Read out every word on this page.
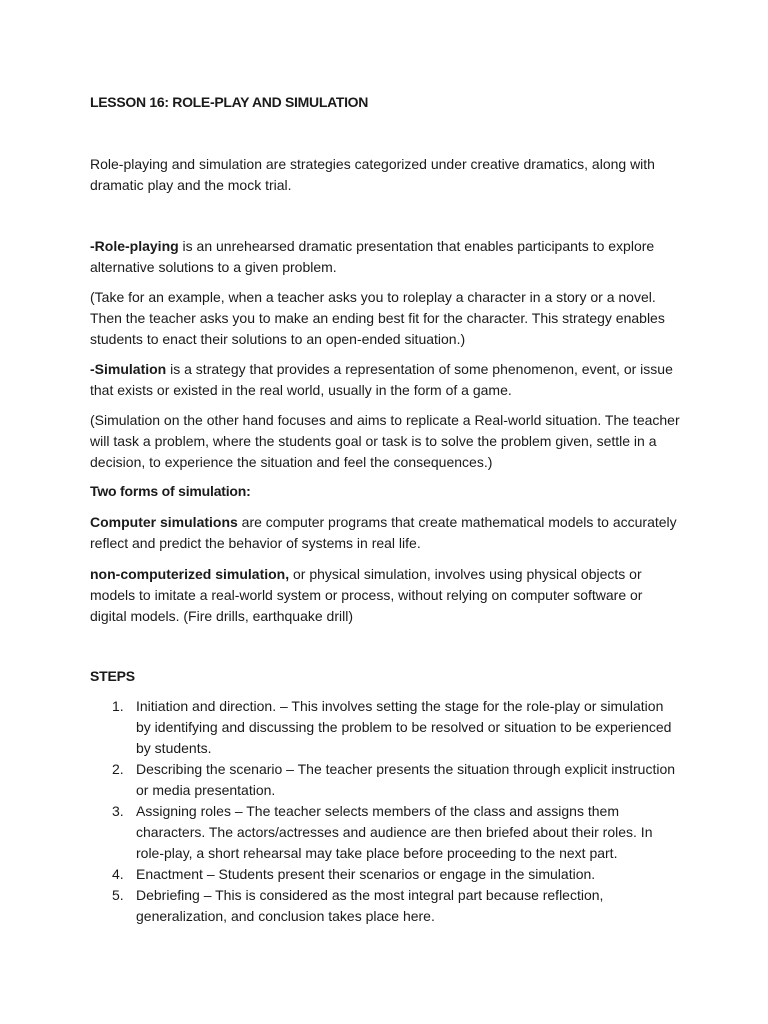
LESSON 16: ROLE-PLAY AND SIMULATION

Role-playing and simulation are strategies categorized under creative dramatics, along with dramatic play and the mock trial.

-Role-playing is an unrehearsed dramatic presentation that enables participants to explore alternative solutions to a given problem.

(Take for an example, when a teacher asks you to roleplay a character in a story or a novel. Then the teacher asks you to make an ending best fit for the character. This strategy enables students to enact their solutions to an open-ended situation.)

-Simulation is a strategy that provides a representation of some phenomenon, event, or issue that exists or existed in the real world, usually in the form of a game.

(Simulation on the other hand focuses and aims to replicate a Real-world situation. The teacher will task a problem, where the students goal or task is to solve the problem given, settle in a decision, to experience the situation and feel the consequences.)

Two forms of simulation:

Computer simulations are computer programs that create mathematical models to accurately reflect and predict the behavior of systems in real life.

non-computerized simulation, or physical simulation, involves using physical objects or models to imitate a real-world system or process, without relying on computer software or digital models. (Fire drills, earthquake drill)

STEPS

1. Initiation and direction. – This involves setting the stage for the role-play or simulation by identifying and discussing the problem to be resolved or situation to be experienced by students.
2. Describing the scenario – The teacher presents the situation through explicit instruction or media presentation.
3. Assigning roles – The teacher selects members of the class and assigns them characters. The actors/actresses and audience are then briefed about their roles. In role-play, a short rehearsal may take place before proceeding to the next part.
4. Enactment – Students present their scenarios or engage in the simulation.
5. Debriefing – This is considered as the most integral part because reflection, generalization, and conclusion takes place here.
